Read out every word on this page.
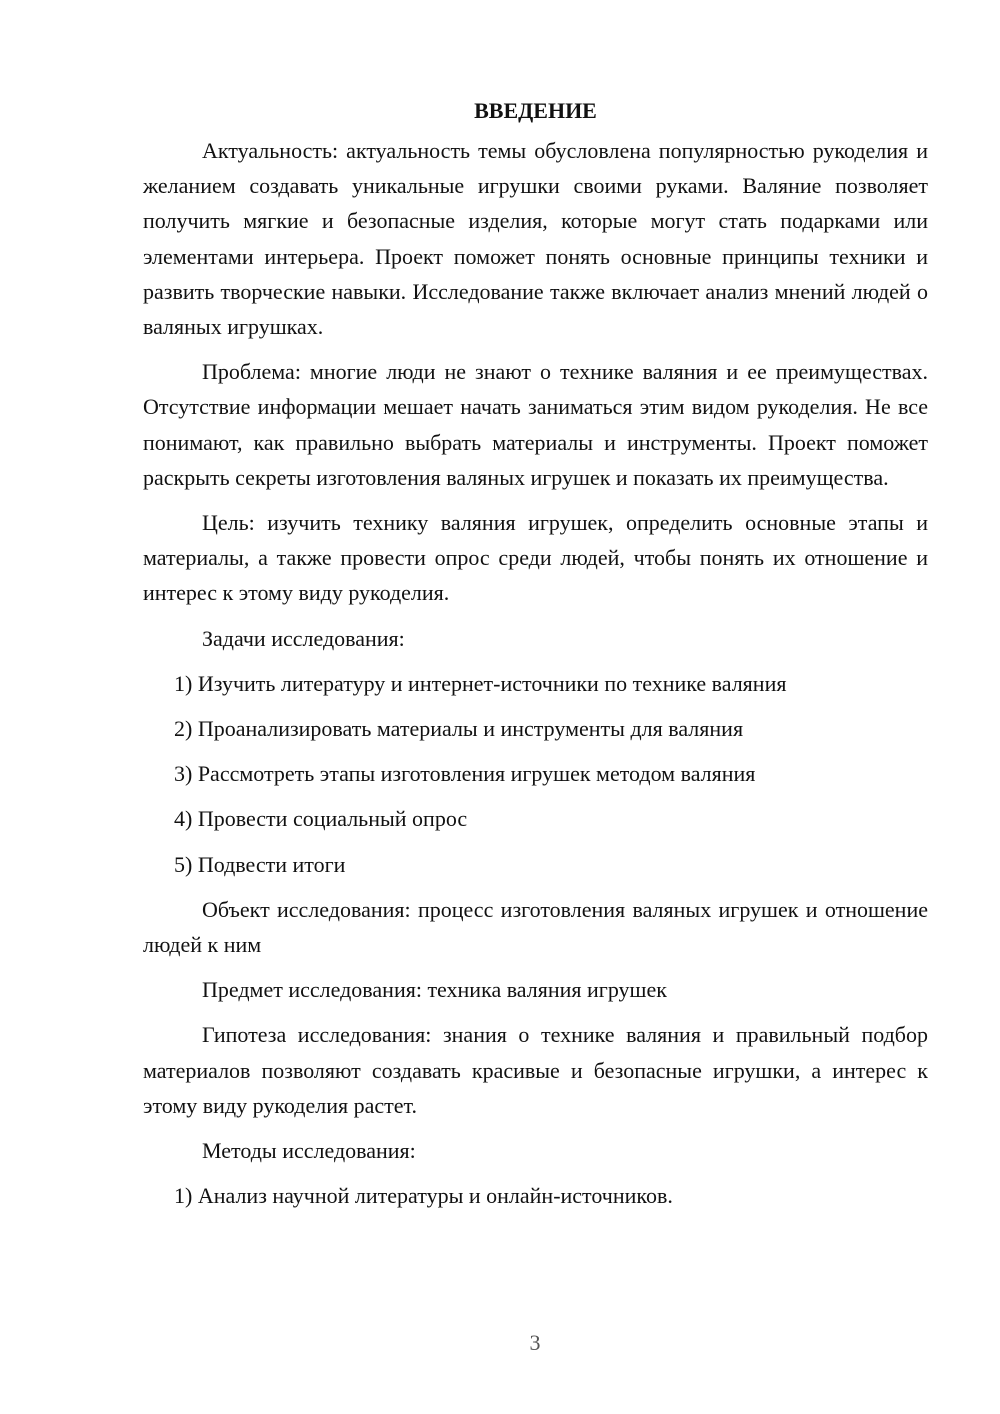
ВВЕДЕНИЕ

Актуальность: актуальность темы обусловлена популярностью рукоделия и желанием создавать уникальные игрушки своими руками. Валяние позволяет получить мягкие и безопасные изделия, которые могут стать подарками или элементами интерьера. Проект поможет понять основные принципы техники и развить творческие навыки. Исследование также включает анализ мнений людей о валяных игрушках.

Проблема: многие люди не знают о технике валяния и ее преимуществах. Отсутствие информации мешает начать заниматься этим видом рукоделия. Не все понимают, как правильно выбрать материалы и инструменты. Проект поможет раскрыть секреты изготовления валяных игрушек и показать их преимущества.

Цель: изучить технику валяния игрушек, определить основные этапы и материалы, а также провести опрос среди людей, чтобы понять их отношение и интерес к этому виду рукоделия.

Задачи исследования:
1) Изучить литературу и интернет-источники по технике валяния
2) Проанализировать материалы и инструменты для валяния
3) Рассмотреть этапы изготовления игрушек методом валяния
4) Провести социальный опрос
5) Подвести итоги

Объект исследования: процесс изготовления валяных игрушек и отношение людей к ним

Предмет исследования: техника валяния игрушек

Гипотеза исследования: знания о технике валяния и правильный подбор материалов позволяют создавать красивые и безопасные игрушки, а интерес к этому виду рукоделия растет.

Методы исследования:
1) Анализ научной литературы и онлайн-источников.
3
